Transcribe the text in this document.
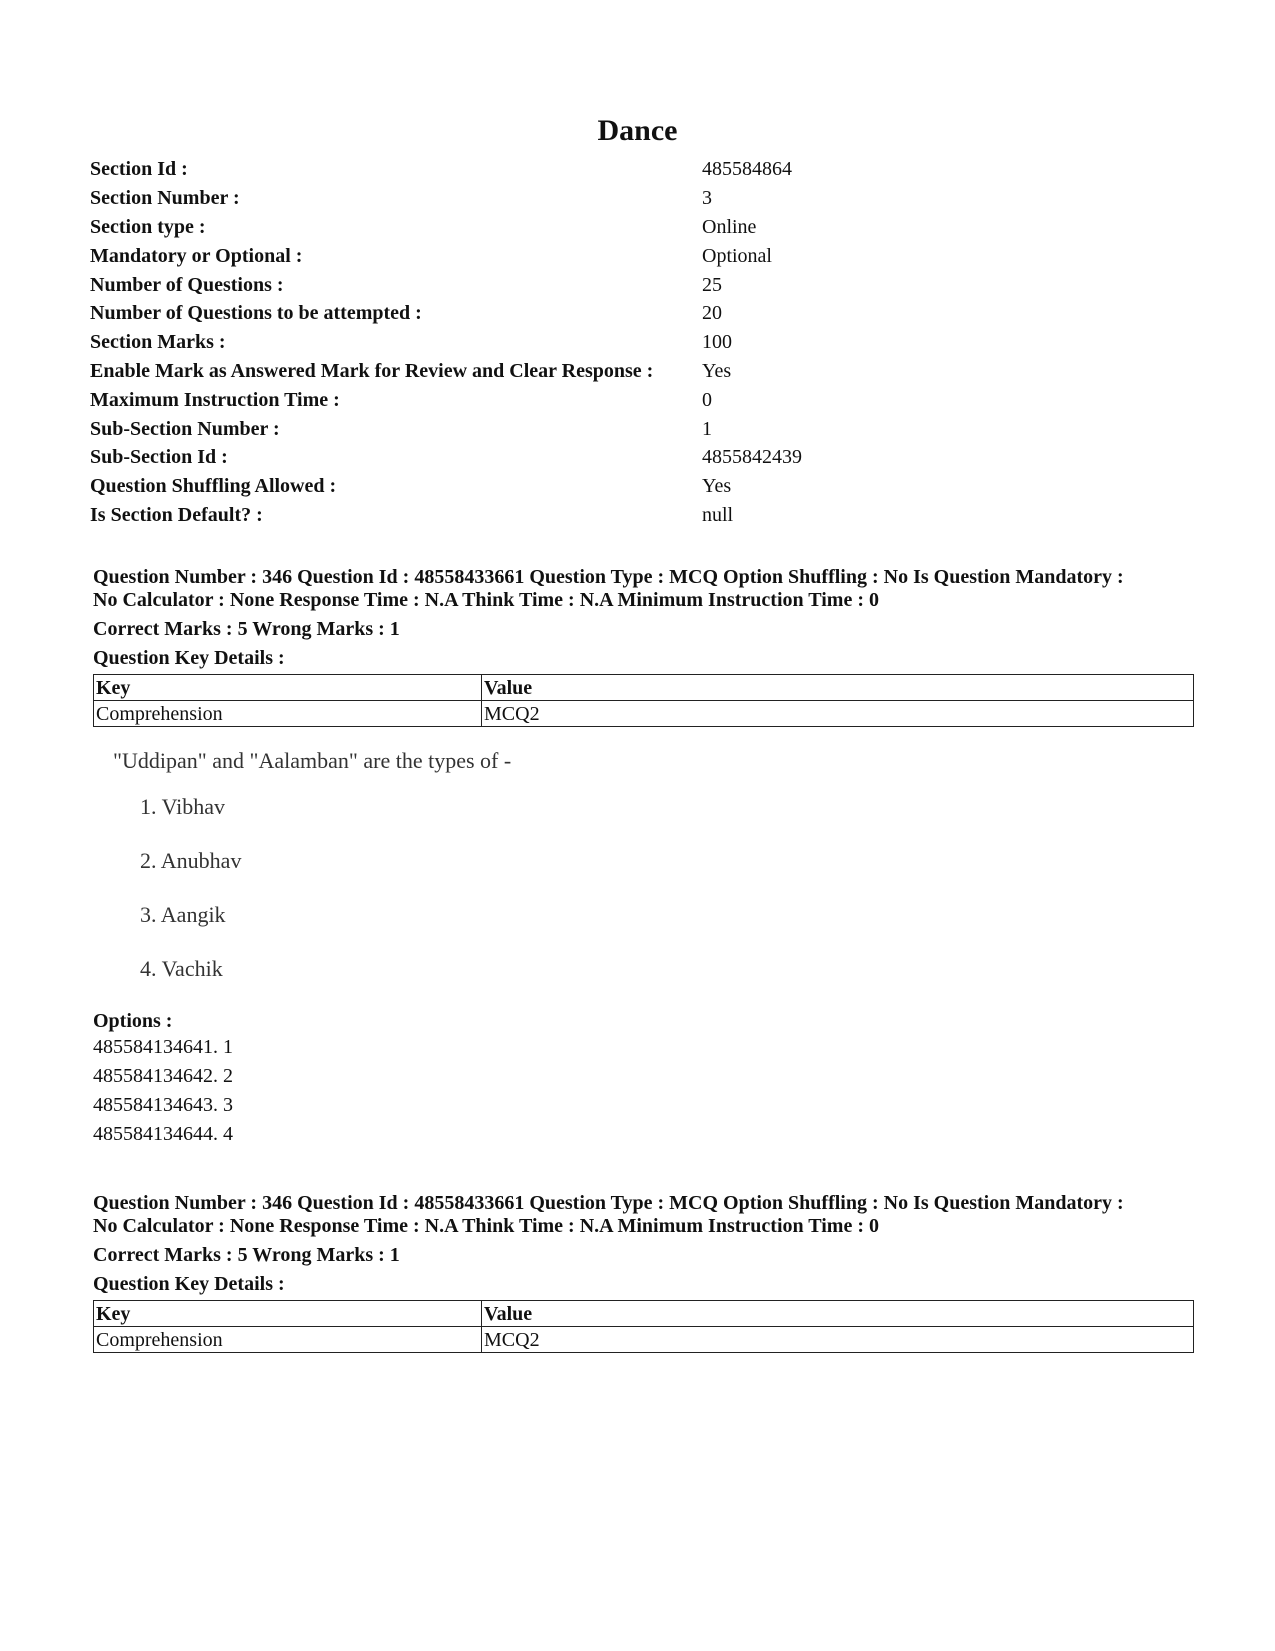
Dance
Section Id :	485584864
Section Number :	3
Section type :	Online
Mandatory or Optional :	Optional
Number of Questions :	25
Number of Questions to be attempted :	20
Section Marks :	100
Enable Mark as Answered Mark for Review and Clear Response :	Yes
Maximum Instruction Time :	0
Sub-Section Number :	1
Sub-Section Id :	4855842439
Question Shuffling Allowed :	Yes
Is Section Default? :	null

Question Number : 346 Question Id : 48558433661 Question Type : MCQ Option Shuffling : No Is Question Mandatory :

No Calculator : None Response Time : N.A Think Time : N.A Minimum Instruction Time : 0

Correct Marks : 5 Wrong Marks : 1
Question Key Details :
Key	Value
Comprehension	MCQ2
"Uddipan" and "Aalamban" are the types of -
1. Vibhav
2. Anubhav
3. Aangik
4. Vachik
Options :
485584134641. 1
485584134642. 2
485584134643. 3
485584134644. 4

Question Number : 346 Question Id : 48558433661 Question Type : MCQ Option Shuffling : No Is Question Mandatory :

No Calculator : None Response Time : N.A Think Time : N.A Minimum Instruction Time : 0

Correct Marks : 5 Wrong Marks : 1
Question Key Details :
Key	Value
Comprehension	MCQ2
